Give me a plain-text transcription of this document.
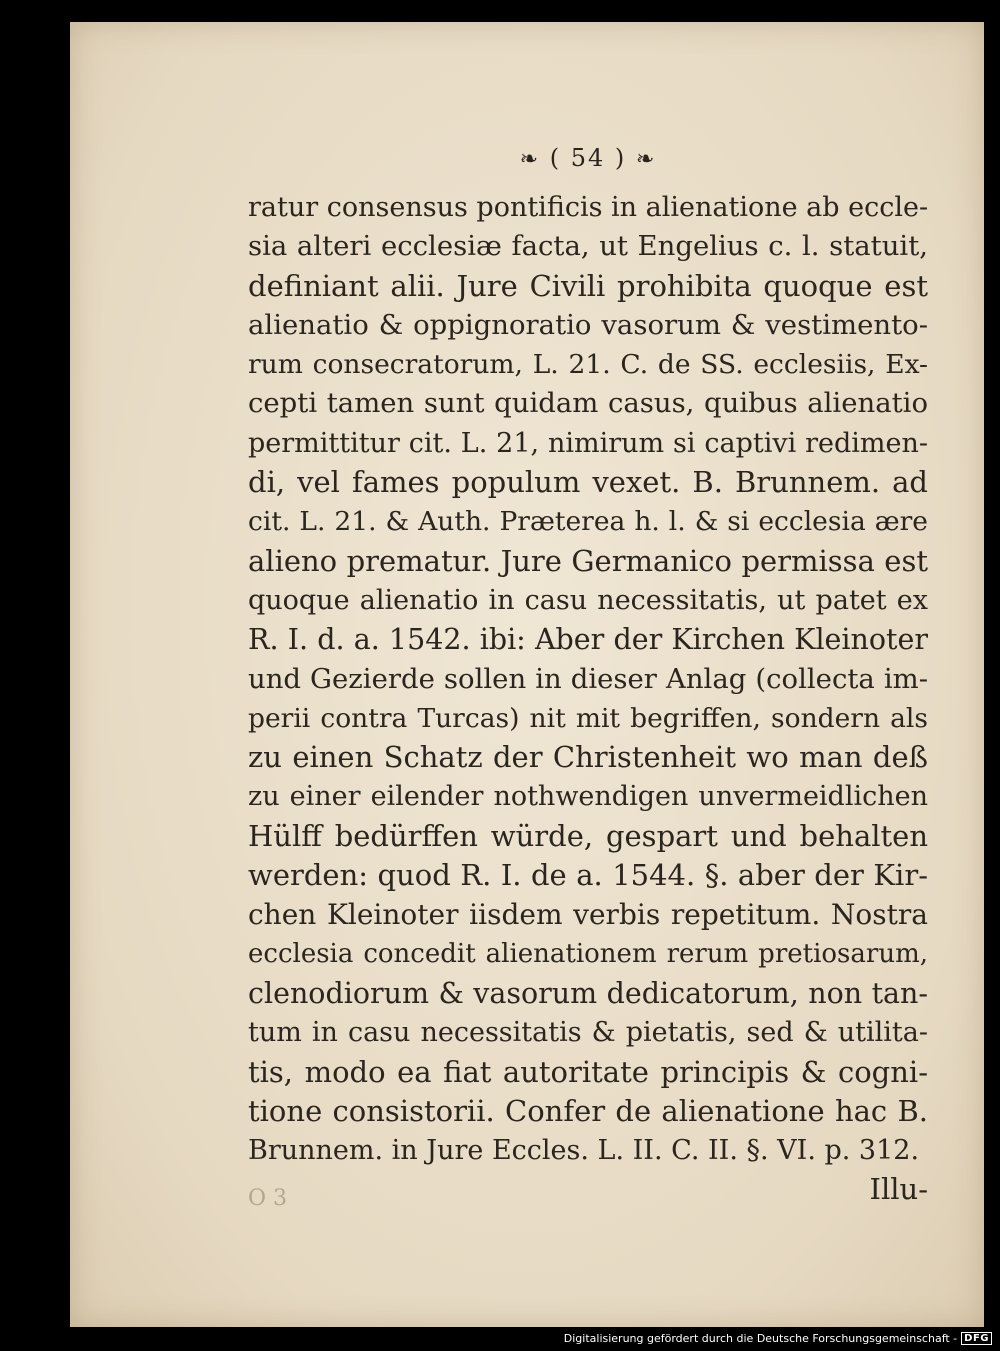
❧ ( 54 ) ❧
ratur consensus pontificis in alienatione ab eccle-
sia alteri ecclesiæ facta, ut Engelius c. l. statuit,
definiant alii. Jure Civili prohibita quoque est
alienatio & oppignoratio vasorum & vestimento-
rum consecratorum, L. 21. C. de SS. ecclesiis, Ex-
cepti tamen sunt quidam casus, quibus alienatio
permittitur cit. L. 21, nimirum si captivi redimen-
di, vel fames populum vexet. B. Brunnem. ad
cit. L. 21. & Auth. Præterea h. l. & si ecclesia ære
alieno prematur. Jure Germanico permissa est
quoque alienatio in casu necessitatis, ut patet ex
R. I. d. a. 1542. ibi: Aber der Kirchen Kleinoter
und Gezierde sollen in dieser Anlag (collecta im-
perii contra Turcas) nit mit begriffen, sondern als
zu einen Schatz der Christenheit wo man deß
zu einer eilender nothwendigen unvermeidlichen
Hülff bedürffen würde, gespart und behalten
werden: quod R. I. de a. 1544. §. aber der Kir-
chen Kleinoter iisdem verbis repetitum. Nostra
ecclesia concedit alienationem rerum pretiosarum,
clenodiorum & vasorum dedicatorum, non tan-
tum in casu necessitatis & pietatis, sed & utilita-
tis, modo ea fiat autoritate principis & cogni-
tione consistorii. Confer de alienatione hac B.
Brunnem. in Jure Eccles. L. II. C. II. §. VI. p. 312.
Illu-
O 3
Digitalisierung gefördert durch die Deutsche Forschungsgemeinschaft - DFG
